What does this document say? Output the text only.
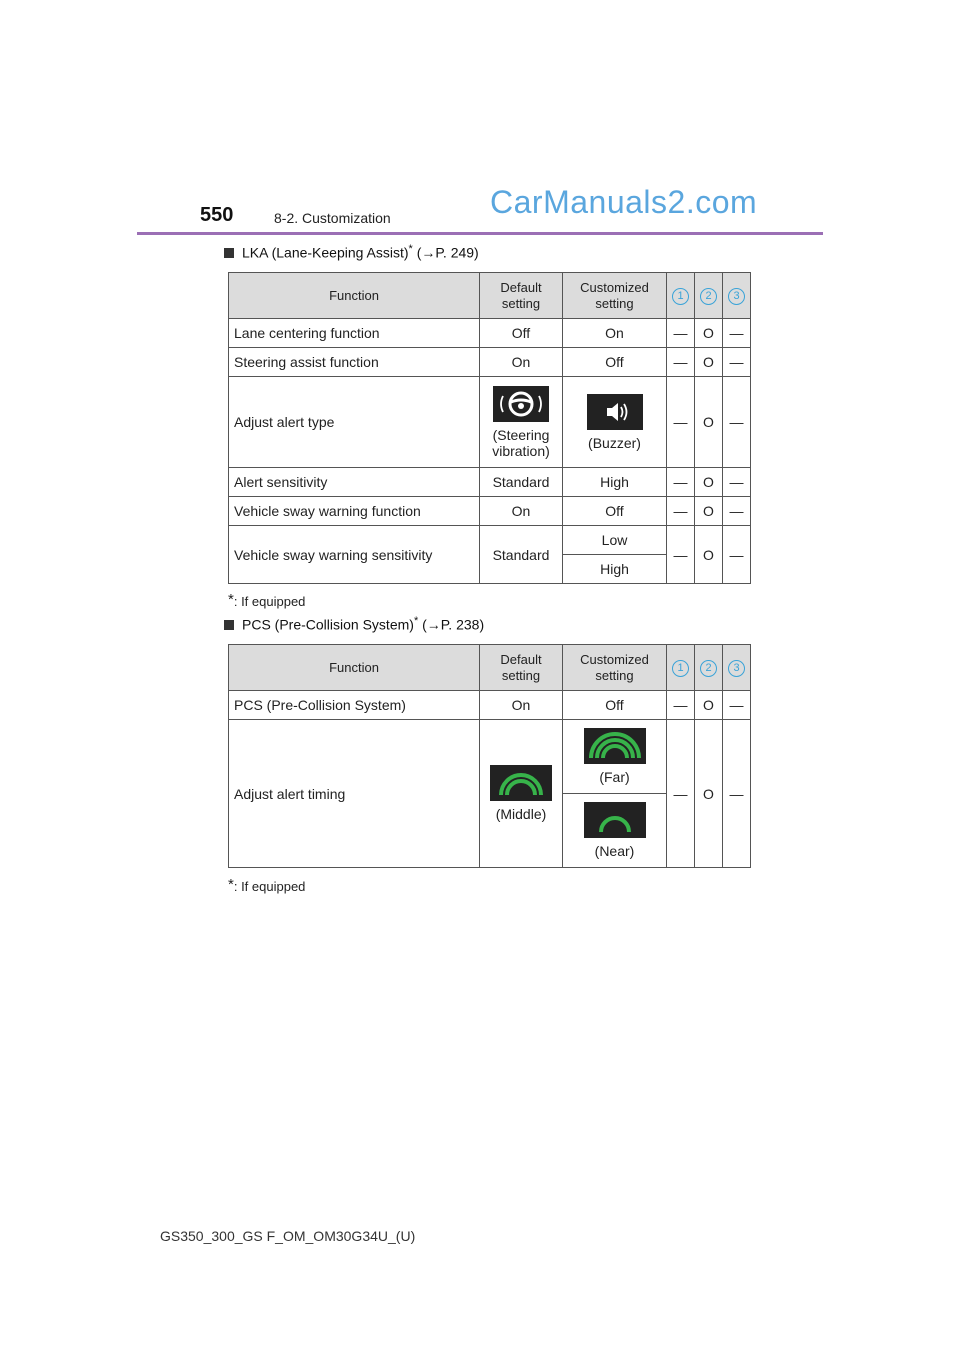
550	8-2. Customization	CarManuals2.com
LKA (Lane-Keeping Assist)* (→P. 249)
Function	Default setting	Customized setting	1	2	3
Lane centering function	Off	On	—	O	—
Steering assist function	On	Off	—	O	—
Adjust alert type	(Steering vibration)	(Buzzer)	—	O	—
Alert sensitivity	Standard	High	—	O	—
Vehicle sway warning function	On	Off	—	O	—
Vehicle sway warning sensitivity	Standard	Low	—	O	—
		High			
*: If equipped
PCS (Pre-Collision System)* (→P. 238)
Function	Default setting	Customized setting	1	2	3
PCS (Pre-Collision System)	On	Off	—	O	—
Adjust alert timing	(Middle)	(Far)	—	O	—

		(Near)			
*: If equipped
GS350_300_GS F_OM_OM30G34U_(U)
